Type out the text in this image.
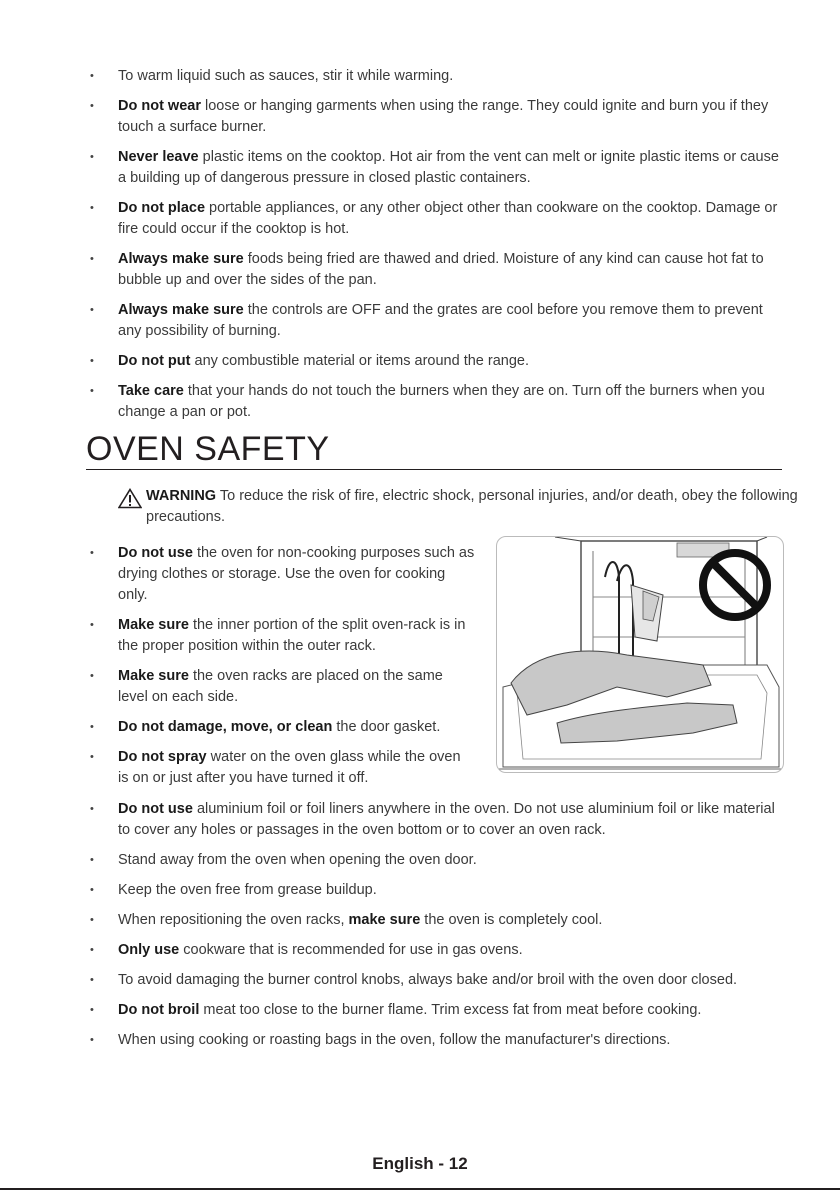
• To warm liquid such as sauces, stir it while warming.
• Do not wear loose or hanging garments when using the range. They could ignite and burn you if they touch a surface burner.
• Never leave plastic items on the cooktop. Hot air from the vent can melt or ignite plastic items or cause a building up of dangerous pressure in closed plastic containers.
• Do not place portable appliances, or any other object other than cookware on the cooktop. Damage or fire could occur if the cooktop is hot.
• Always make sure foods being fried are thawed and dried. Moisture of any kind can cause hot fat to bubble up and over the sides of the pan.
• Always make sure the controls are OFF and the grates are cool before you remove them to prevent any possibility of burning.
• Do not put any combustible material or items around the range.
• Take care that your hands do not touch the burners when they are on. Turn off the burners when you change a pan or pot.
OVEN SAFETY
WARNING To reduce the risk of fire, electric shock, personal injuries, and/or death, obey the following precautions.
• Do not use the oven for non-cooking purposes such as drying clothes or storage. Use the oven for cooking only.
• Make sure the inner portion of the split oven-rack is in the proper position within the outer rack.
• Make sure the oven racks are placed on the same level on each side.
• Do not damage, move, or clean the door gasket.
• Do not spray water on the oven glass while the oven is on or just after you have turned it off.
• Do not use aluminium foil or foil liners anywhere in the oven. Do not use aluminium foil or like material to cover any holes or passages in the oven bottom or to cover an oven rack.
• Stand away from the oven when opening the oven door.
• Keep the oven free from grease buildup.
• When repositioning the oven racks, make sure the oven is completely cool.
• Only use cookware that is recommended for use in gas ovens.
• To avoid damaging the burner control knobs, always bake and/or broil with the oven door closed.
• Do not broil meat too close to the burner flame. Trim excess fat from meat before cooking.
• When using cooking or roasting bags in the oven, follow the manufacturer's directions.
English - 12
